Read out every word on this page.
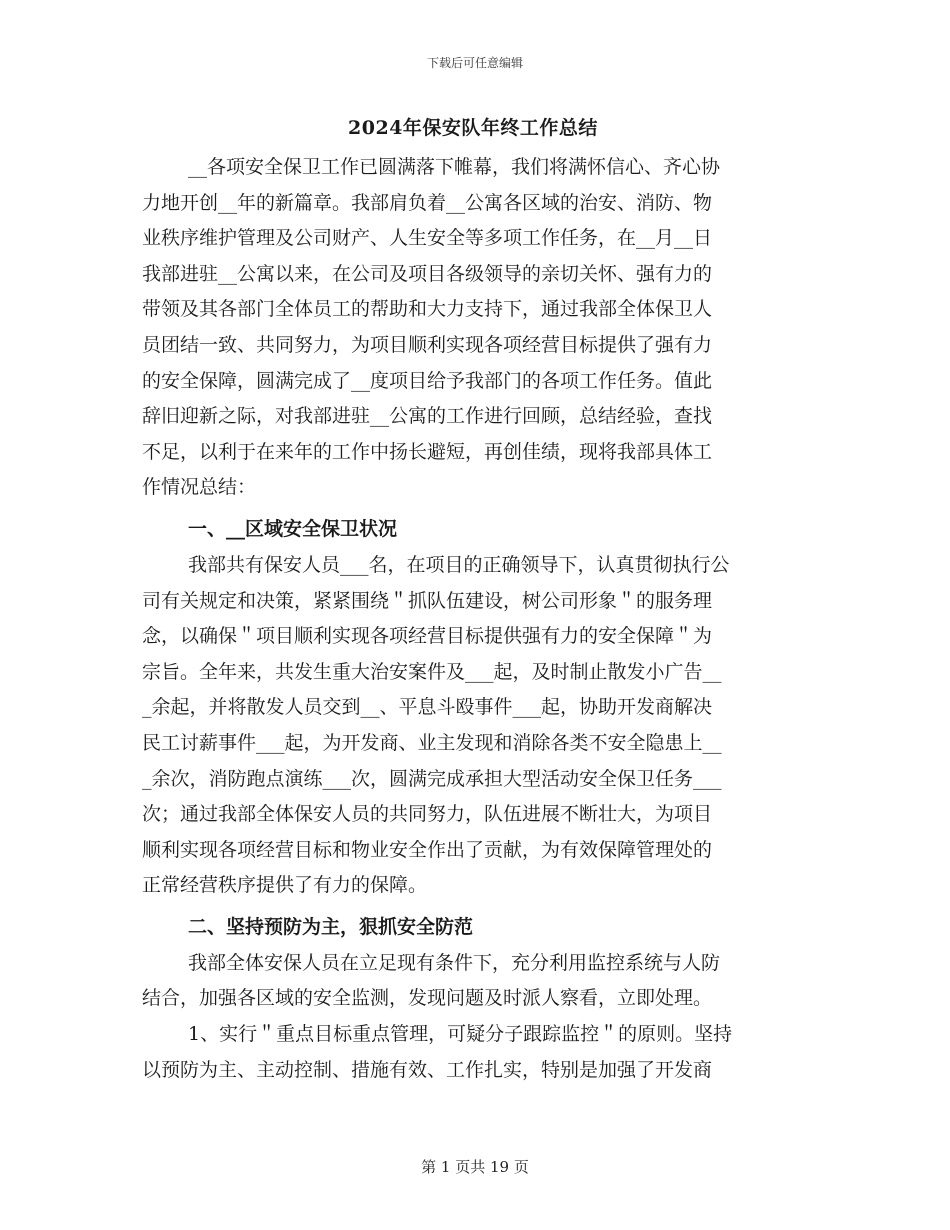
下载后可任意编辑
2024年保安队年终工作总结
__各项安全保卫工作已圆满落下帷幕，我们将满怀信心、齐心协
力地开创__年的新篇章。我部肩负着__公寓各区域的治安、消防、物
业秩序维护管理及公司财产、人生安全等多项工作任务，在__月__日
我部进驻__公寓以来，在公司及项目各级领导的亲切关怀、强有力的
带领及其各部门全体员工的帮助和大力支持下，通过我部全体保卫人
员团结一致、共同努力，为项目顺利实现各项经营目标提供了强有力
的安全保障，圆满完成了__度项目给予我部门的各项工作任务。值此
辞旧迎新之际，对我部进驻__公寓的工作进行回顾，总结经验，查找
不足，以利于在来年的工作中扬长避短，再创佳绩，现将我部具体工
作情况总结：
一、__区域安全保卫状况
我部共有保安人员___名，在项目的正确领导下，认真贯彻执行公
司有关规定和决策，紧紧围绕＂抓队伍建设，树公司形象＂的服务理
念，以确保＂项目顺利实现各项经营目标提供强有力的安全保障＂为
宗旨。全年来，共发生重大治安案件及___起，及时制止散发小广告__
_余起，并将散发人员交到__、平息斗殴事件___起，协助开发商解决
民工讨薪事件___起，为开发商、业主发现和消除各类不安全隐患上__
_余次，消防跑点演练___次，圆满完成承担大型活动安全保卫任务___
次；通过我部全体保安人员的共同努力，队伍进展不断壮大，为项目
顺利实现各项经营目标和物业安全作出了贡献，为有效保障管理处的
正常经营秩序提供了有力的保障。
二、坚持预防为主，狠抓安全防范
我部全体安保人员在立足现有条件下，充分利用监控系统与人防
结合，加强各区域的安全监测，发现问题及时派人察看，立即处理。
1、实行＂重点目标重点管理，可疑分子跟踪监控＂的原则。坚持
以预防为主、主动控制、措施有效、工作扎实，特别是加强了开发商
第 1 页共 19 页
